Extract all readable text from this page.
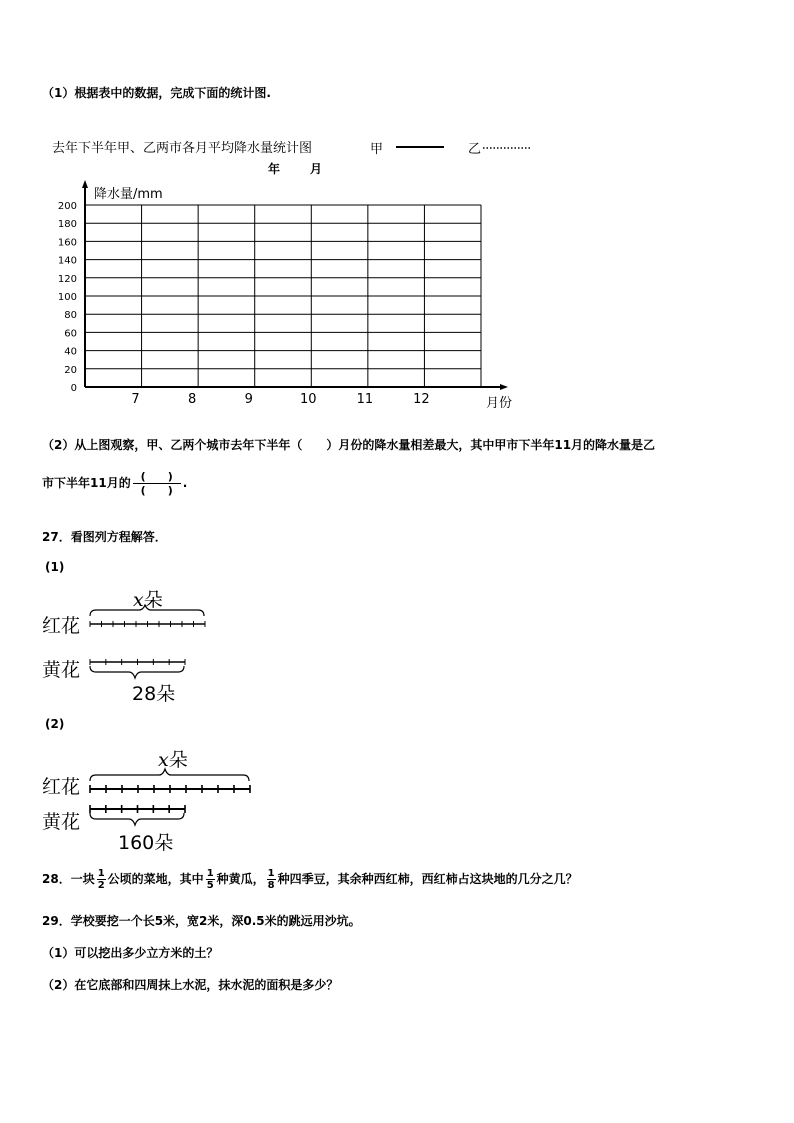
（1）根据表中的数据，完成下面的统计图.
去年下半年甲、乙两市各月平均降水量统计图	甲	乙
年 月
0
20
40
60
80
100
120
140
160
180
200
7	8	9	10	11	12
降水量/mm
月份
（2）从上图观察，甲、乙两个城市去年下半年（　　）月份的降水量相差最大，其中甲市下半年11月的降水量是乙
市下半年11月的 $\frac{( )}{( )}$ .
27．看图列方程解答．
(1)
x朵
红花
黄花
28朵
(2)
x朵
红花
黄花
160朵
28．一块 $\frac{1}{2}$ 公顷的菜地，其中 $\frac{1}{5}$ 种黄瓜， $\frac{1}{8}$ 种四季豆，其余种西红柿，西红柿占这块地的几分之几？
29．学校要挖一个长5米，宽2米，深0.5米的跳远用沙坑。
（1）可以挖出多少立方米的土？
（2）在它底部和四周抹上水泥，抹水泥的面积是多少？
